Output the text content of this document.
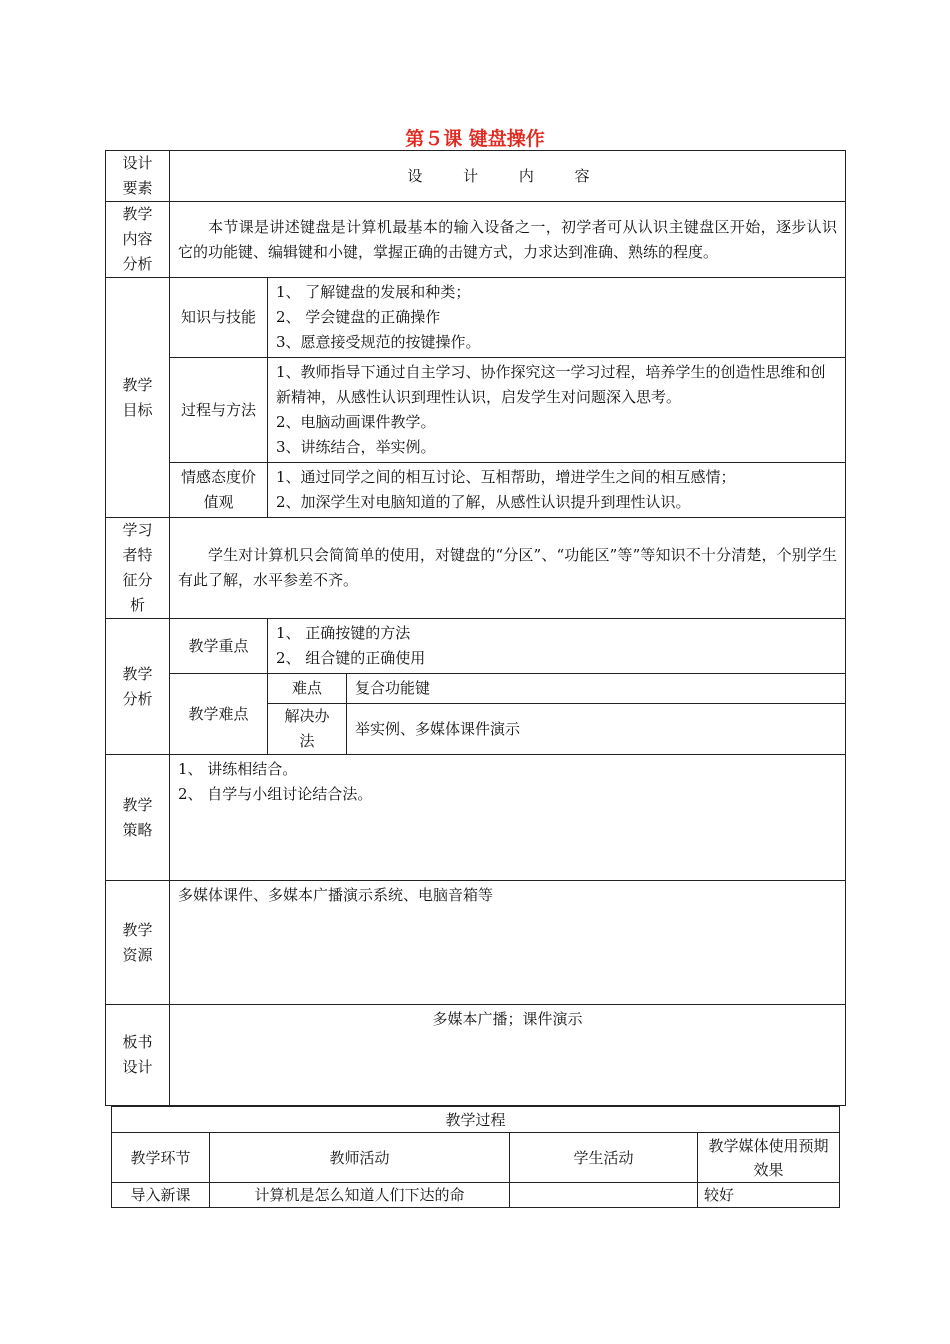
第５课 键盘操作
设计要素	设 计 内 容		
教学内容分析	本节课是讲述键盘是计算机最基本的输入设备之一，初学者可从认识主键盘区开始，逐步认识它的功能键、编辑键和小键，掌握正确的击键方式，力求达到准确、熟练的程度。		
教学目标	知识与技能	1、 了解键盘的发展和种类；
2、 学会键盘的正确操作
3、愿意接受规范的按键操作。	

	过程与方法	1、教师指导下通过自主学习、协作探究这一学习过程，培养学生的创造性思维和创新精神，从感性认识到理性认识，启发学生对问题深入思考。
2、电脑动画课件教学。
3、讲练结合，举实例。	

	情感态度价值观	1、通过同学之间的相互讨论、互相帮助，增进学生之间的相互感情；
2、加深学生对电脑知道的了解，从感性认识提升到理性认识。	

学习者特征分析	学生对计算机只会简简单的使用，对键盘的“分区”、“功能区”等”等知识不十分清楚，个别学生有此了解，水平参差不齐。		
教学分析	教学重点	1、 正确按键的方法
2、 组合键的正确使用	

	教学难点	难点	复合功能键
		解决办法	举实例、多媒体课件演示
教学策略	1、 讲练相结合。
2、 自学与小组讨论结合法。		

教学资源	多媒体课件、多媒本广播演示系统、电脑音箱等		

板书设计	多媒本广播；课件演示		
教学过程			
教学环节	教师活动	学生活动	教学媒体使用预期效果
导入新课	计算机是怎么知道人们下达的命		较好
